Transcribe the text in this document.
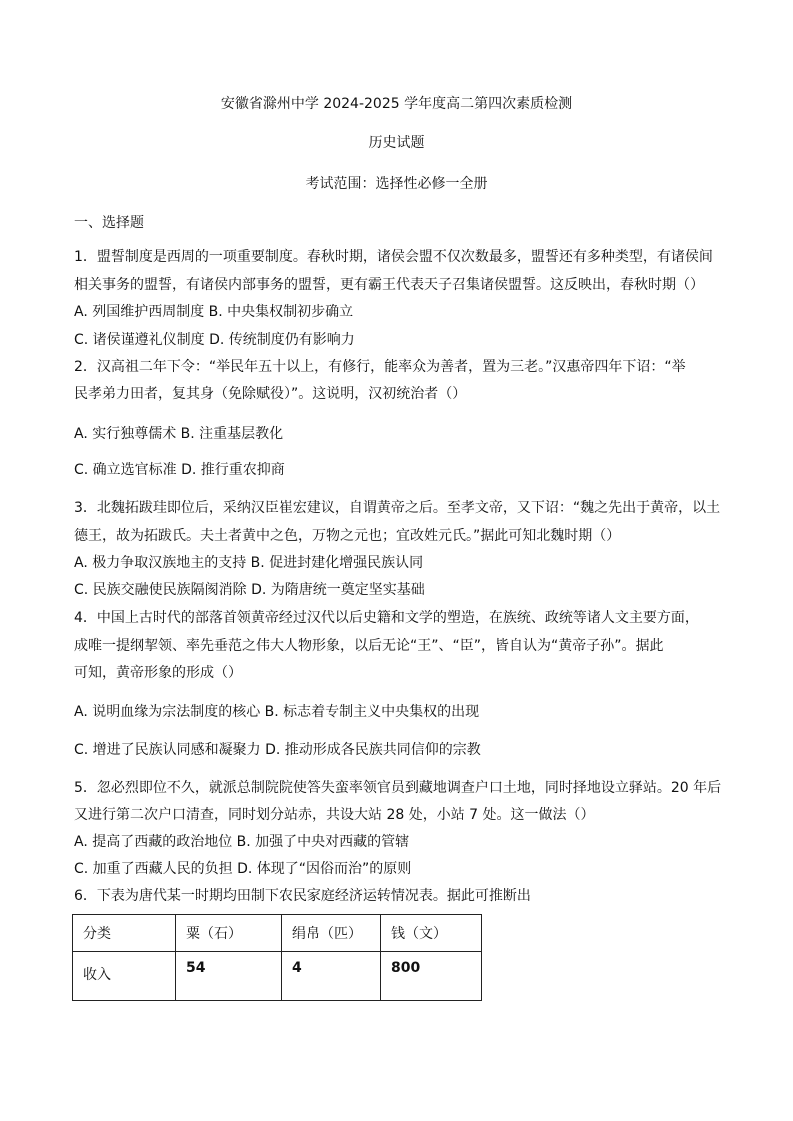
安徽省滁州中学 2024-2025 学年度高二第四次素质检测
历史试题
考试范围：选择性必修一全册
一、选择题
1．盟誓制度是西周的一项重要制度。春秋时期，诸侯会盟不仅次数最多，盟誓还有多种类型，有诸侯间
相关事务的盟誓，有诸侯内部事务的盟誓，更有霸王代表天子召集诸侯盟誓。这反映出，春秋时期（）
A. 列国维护西周制度 B. 中央集权制初步确立
C. 诸侯谨遵礼仪制度 D. 传统制度仍有影响力
2．汉高祖二年下令：“举民年五十以上，有修行，能率众为善者，置为三老。”汉惠帝四年下诏：“举
民孝弟力田者，复其身（免除赋役）”。这说明，汉初统治者（）
A. 实行独尊儒术 B. 注重基层教化
C. 确立选官标准 D. 推行重农抑商
3．北魏拓跋珪即位后，采纳汉臣崔宏建议，自谓黄帝之后。至孝文帝，又下诏：“魏之先出于黄帝，以土
德王，故为拓跋氏。夫土者黄中之色，万物之元也；宜改姓元氏。”据此可知北魏时期（）
A. 极力争取汉族地主的支持 B. 促进封建化增强民族认同
C. 民族交融使民族隔阂消除 D. 为隋唐统一奠定坚实基础
4．中国上古时代的部落首领黄帝经过汉代以后史籍和文学的塑造，在族统、政统等诸人文主要方面，
成唯一提纲挈领、率先垂范之伟大人物形象，以后无论“王”、“臣”，皆自认为“黄帝子孙”。据此
可知，黄帝形象的形成（）
A. 说明血缘为宗法制度的核心 B. 标志着专制主义中央集权的出现
C. 增进了民族认同感和凝聚力 D. 推动形成各民族共同信仰的宗教
5．忽必烈即位不久，就派总制院院使答失蛮率领官员到藏地调查户口土地，同时择地设立驿站。20 年后
又进行第二次户口清查，同时划分站赤，共设大站 28 处，小站 7 处。这一做法（）
A. 提高了西藏的政治地位 B. 加强了中央对西藏的管辖
C. 加重了西藏人民的负担 D. 体现了“因俗而治”的原则
6．下表为唐代某一时期均田制下农民家庭经济运转情况表。据此可推断出
分类	粟（石）	绢帛（匹）	钱（文）
收入	54	4	800
